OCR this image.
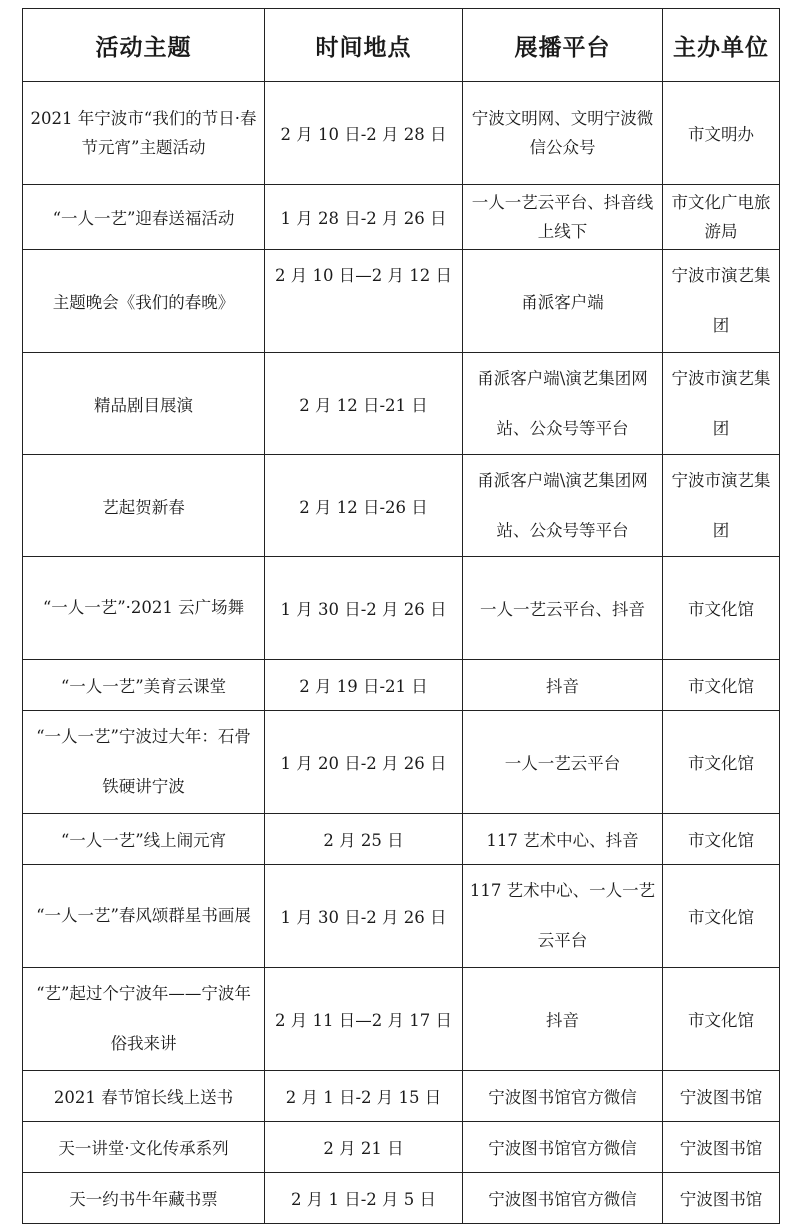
活动主题	时间地点	展播平台	主办单位

2021 年宁波市“我们的节日·春节元宵”主题活动	2 月 10 日-2 月 28 日	宁波文明网、文明宁波微信公众号	市文明办

“一人一艺”迎春送福活动	1 月 28 日-2 月 26 日	一人一艺云平台、抖音线上线下	市文化广电旅游局

主题晚会《我们的春晚》	2 月 10 日—2 月 12 日	甬派客户端	宁波市演艺集团

精品剧目展演	2 月 12 日-21 日	甬派客户端\演艺集团网站、公众号等平台	宁波市演艺集团

艺起贺新春	2 月 12 日-26 日	甬派客户端\演艺集团网站、公众号等平台	宁波市演艺集团

“一人一艺”·2021 云广场舞	1 月 30 日-2 月 26 日	一人一艺云平台、抖音	市文化馆

“一人一艺”美育云课堂	2 月 19 日-21 日	抖音	市文化馆

“一人一艺”宁波过大年：石骨铁硬讲宁波	1 月 20 日-2 月 26 日	一人一艺云平台	市文化馆

“一人一艺”线上闹元宵	2 月 25 日	117 艺术中心、抖音	市文化馆

“一人一艺”春风颂群星书画展	1 月 30 日-2 月 26 日	117 艺术中心、一人一艺云平台	市文化馆

“艺”起过个宁波年——宁波年俗我来讲	2 月 11 日—2 月 17 日	抖音	市文化馆

2021 春节馆长线上送书	2 月 1 日-2 月 15 日	宁波图书馆官方微信	宁波图书馆

天一讲堂·文化传承系列	2 月 21 日	宁波图书馆官方微信	宁波图书馆

天一约书牛年藏书票	2 月 1 日-2 月 5 日	宁波图书馆官方微信	宁波图书馆
